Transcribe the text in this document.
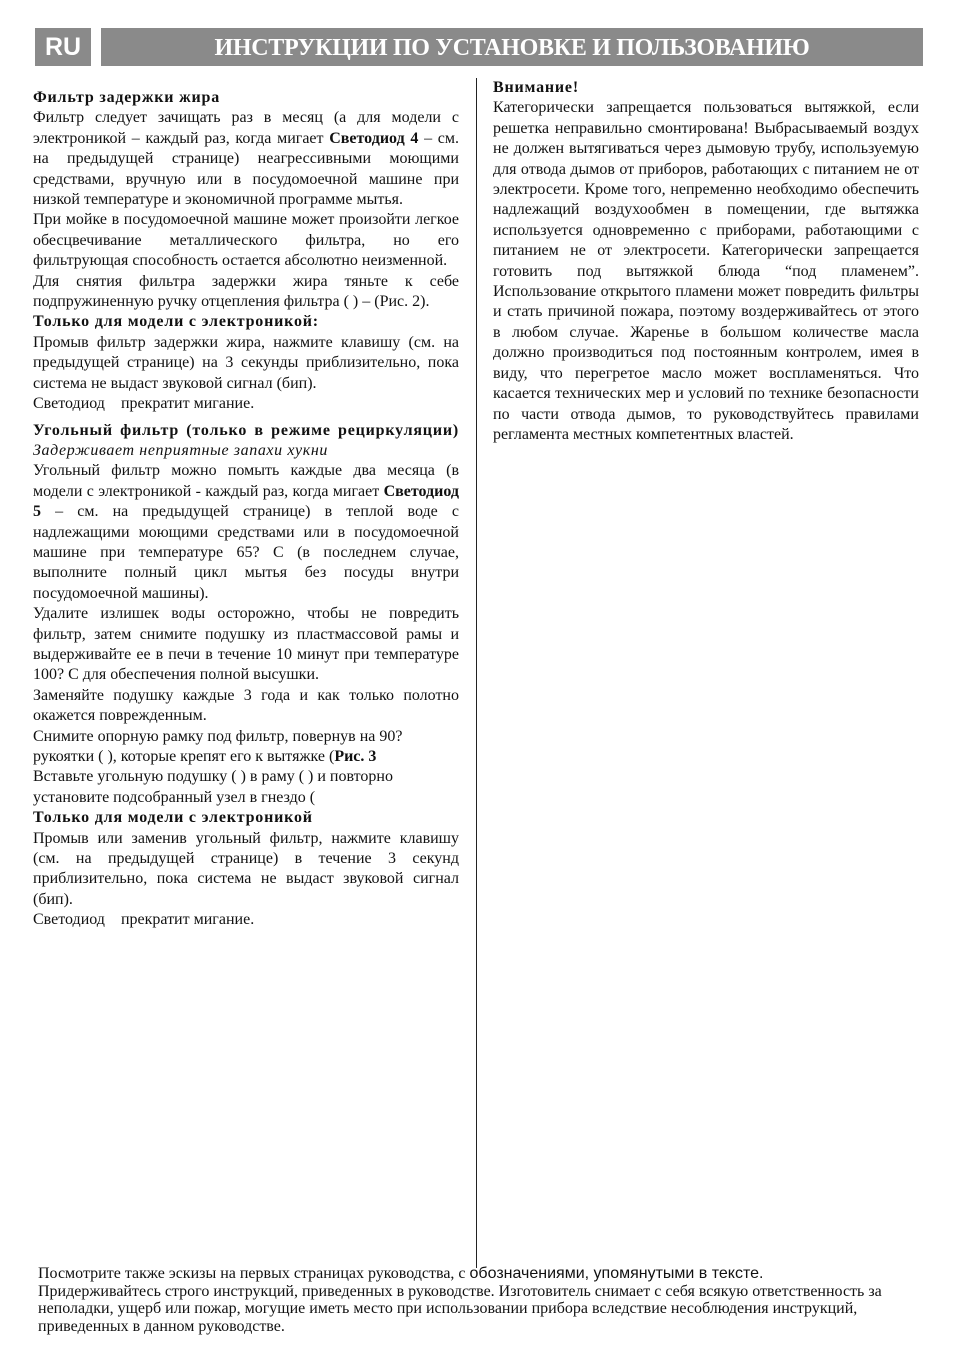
RU	ИНСТРУКЦИИ ПО УСТАНОВКЕ И ПОЛЬЗОВАНИЮ

Фильтр задержки жира

Фильтр следует зачищать раз в месяц (а для модели с электроникой – каждый раз, когда мигает Светодиод 4 – см. на предыдущей странице) неагрессивными моющими средствами, вручную или в посудомоечной машине при низкой температуре и экономичной программе мытья.

При мойке в посудомоечной машине может произойти легкое обесцвечивание металлического фильтра, но его фильтрующая способность остается абсолютно неизменной.

Для снятия фильтра задержки жира тяньте к себе подпружиненную ручку отцепления фильтра ( ) – (Рис. 2).

Только для модели с электроникой:

Промыв фильтр задержки жира, нажмите клавишу (см. на предыдущей странице) на 3 секунды приблизительно, пока система не выдаст звуковой сигнал (бип).

Светодиод    прекратит мигание.

Угольный фильтр (только в режиме рециркуляции)

Задерживает неприятные запахи хукни

Угольный фильтр можно помыть каждые два месяца (в модели с электроникой - каждый раз, когда мигает Светодиод 5 – см. на предыдущей странице) в теплой воде с надлежащими моющими средствами или в посудомоечной машине при температуре 65? С (в последнем случае, выполните полный цикл мытья без посуды внутри посудомоечной машины).

Удалите излишек воды осторожно, чтобы не повредить фильтр, затем снимите подушку из пластмассовой рамы и выдерживайте ее в печи в течение 10 минут при температуре 100? С для обеспечения полной высушки.

Заменяйте подушку каждые 3 года и как только полотно окажется поврежденным.

Снимите опорную рамку под фильтр, повернув на 90? рукоятки ( ), которые крепят его к вытяжке (Рис. 3

Вставьте угольную подушку ( ) в раму ( ) и повторно установите подсобранный узел в гнездо (

Только для модели с электроникой

Промыв или заменив угольный фильтр, нажмите клавишу (см. на предыдущей странице) в течение 3 секунд приблизительно, пока система не выдаст звуковой сигнал (бип).

Светодиод    прекратит мигание.

Внимание!

Категорически запрещается пользоваться вытяжкой, если решетка неправильно смонтирована! Выбрасываемый воздух не должен вытягиваться через дымовую трубу, используемую для отвода дымов от приборов, работающих с питанием не от электросети. Кроме того, непременно необходимо обеспечить надлежащий воздухообмен в помещении, где вытяжка используется одновременно с приборами, работающими с питанием не от электросети. Категорически запрещается готовить под вытяжкой блюда “под пламенем”. Использование открытого пламени может повредить фильтры и стать причиной пожара, поэтому воздерживайтесь от этого в любом случае. Жаренье в большом количестве масла должно производиться под постоянным контролем, имея в виду, что перегретое масло может воспламеняться. Что касается технических мер и условий по технике безопасности по части отвода дымов, то руководствуйтесь правилами регламента местных компетентных властей.

Посмотрите также эскизы на первых страницах руководства, с обозначениями, упомянутыми в тексте.

Придерживайтесь строго инструкций, приведенных в руководстве. Изготовитель снимает с себя всякую ответственность за неполадки, ущерб или пожар, могущие иметь место при использовании прибора вследствие несоблюдения инструкций, приведенных в данном руководстве.
